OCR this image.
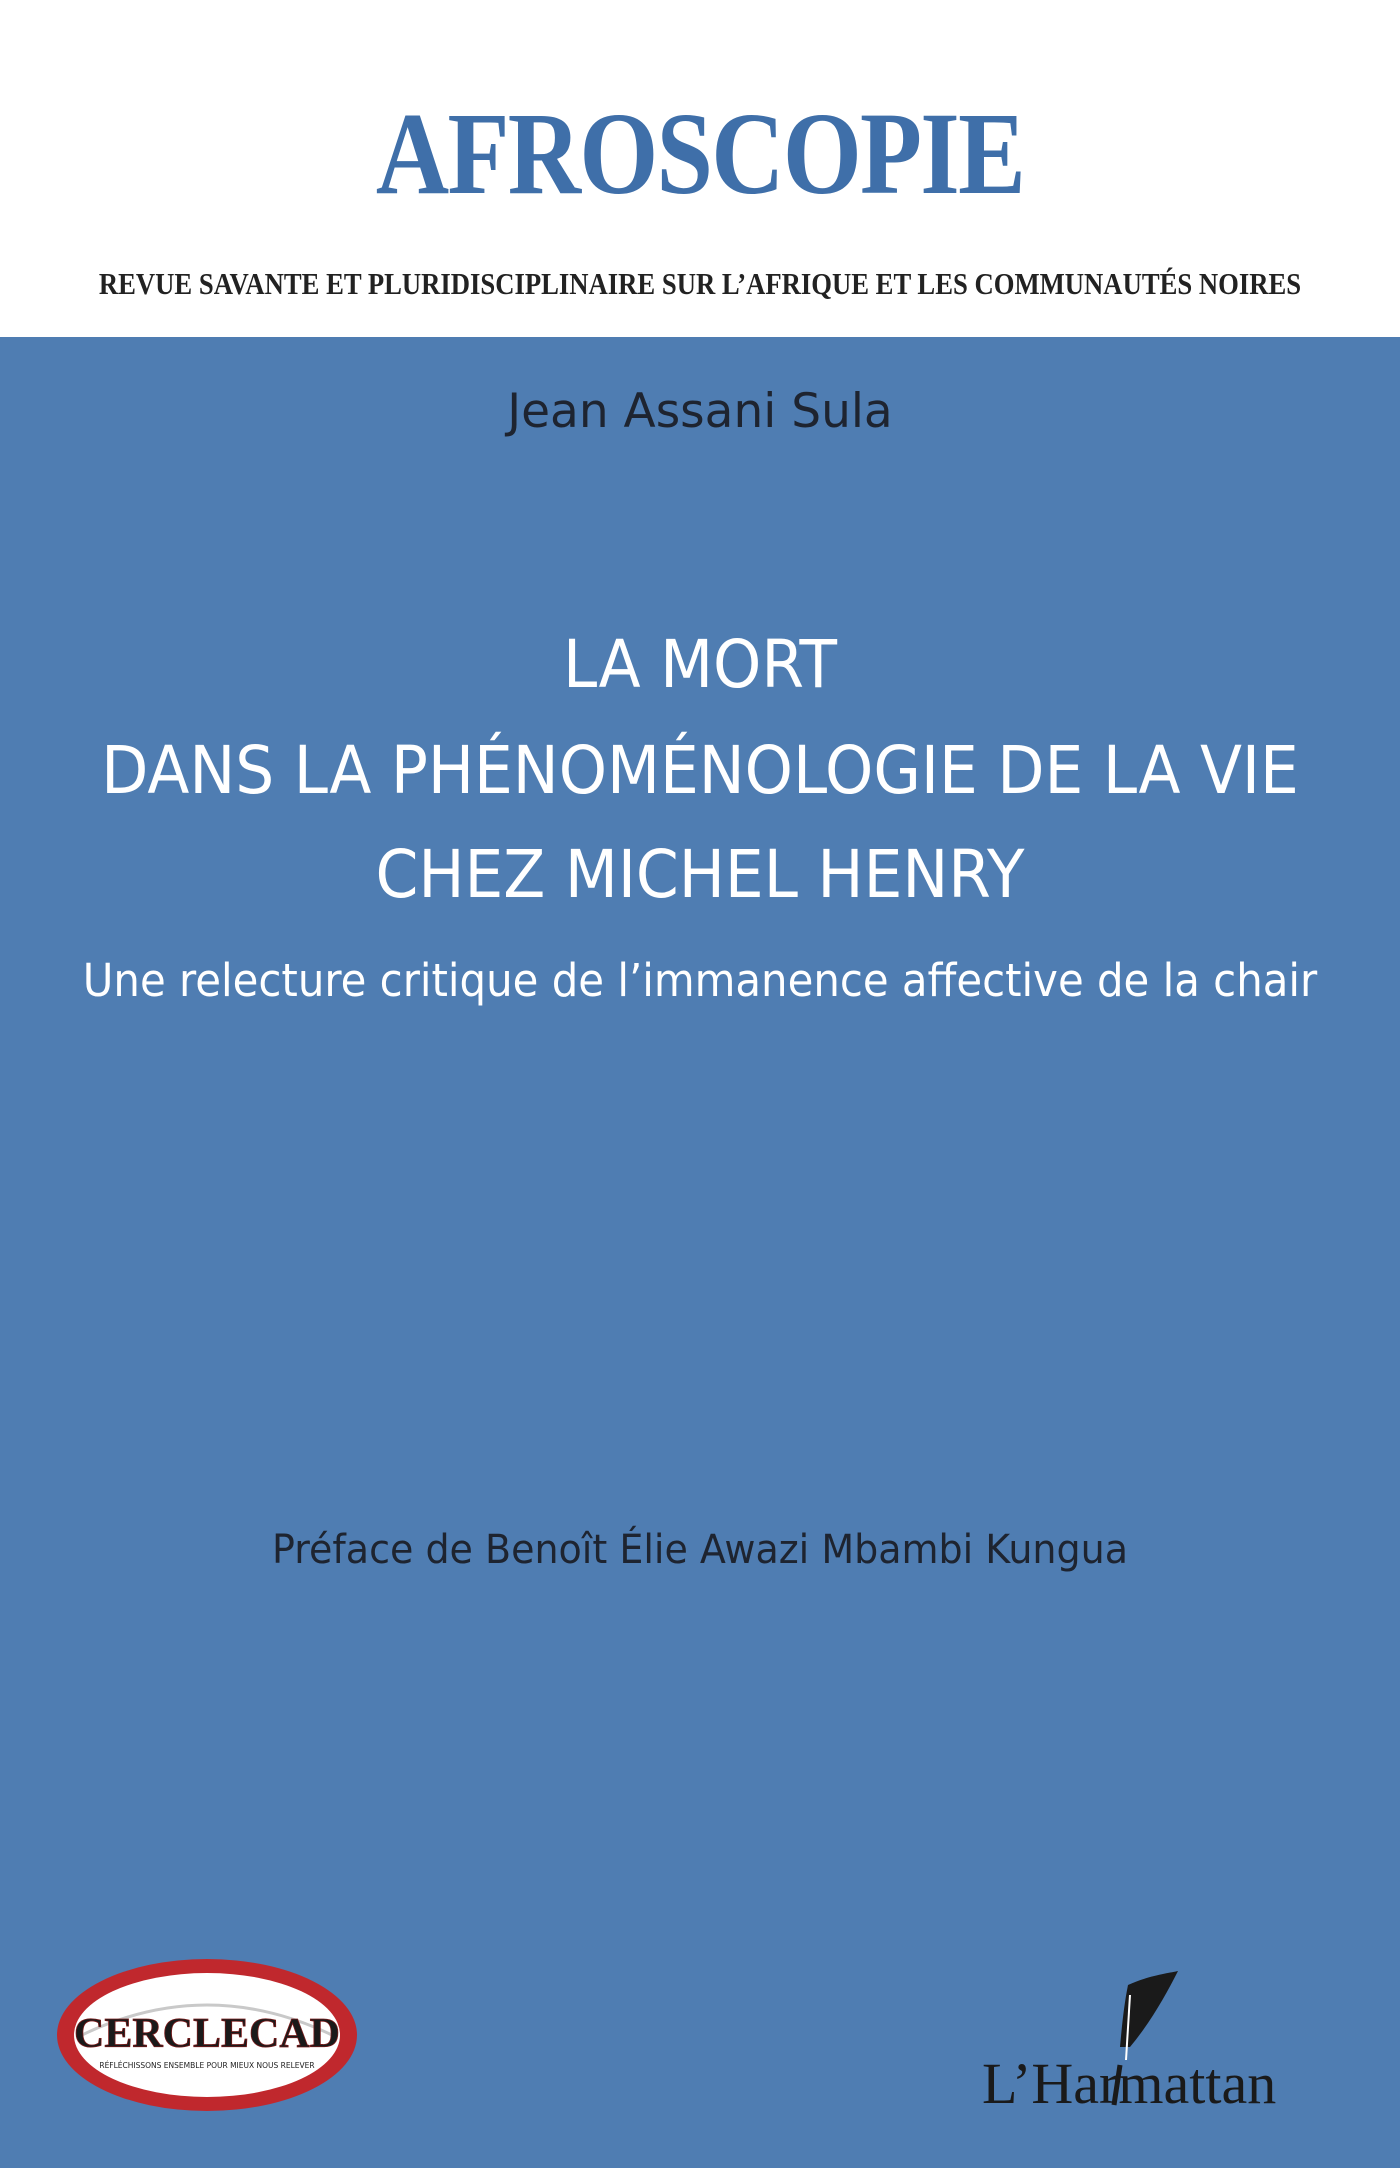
AFROSCOPIE
REVUE SAVANTE ET PLURIDISCIPLINAIRE SUR L’AFRIQUE ET LES COMMUNAUTÉS NOIRES
Jean Assani Sula
LA MORT
DANS LA PHÉNOMÉNOLOGIE DE LA VIE
CHEZ MICHEL HENRY
Une relecture critique de l’immanence affective de la chair
Préface de Benoît Élie Awazi Mbambi Kungua
CERCLECAD
RÉFLÉCHISSONS ENSEMBLE POUR MIEUX NOUS RELEVER	L’Harmattan
